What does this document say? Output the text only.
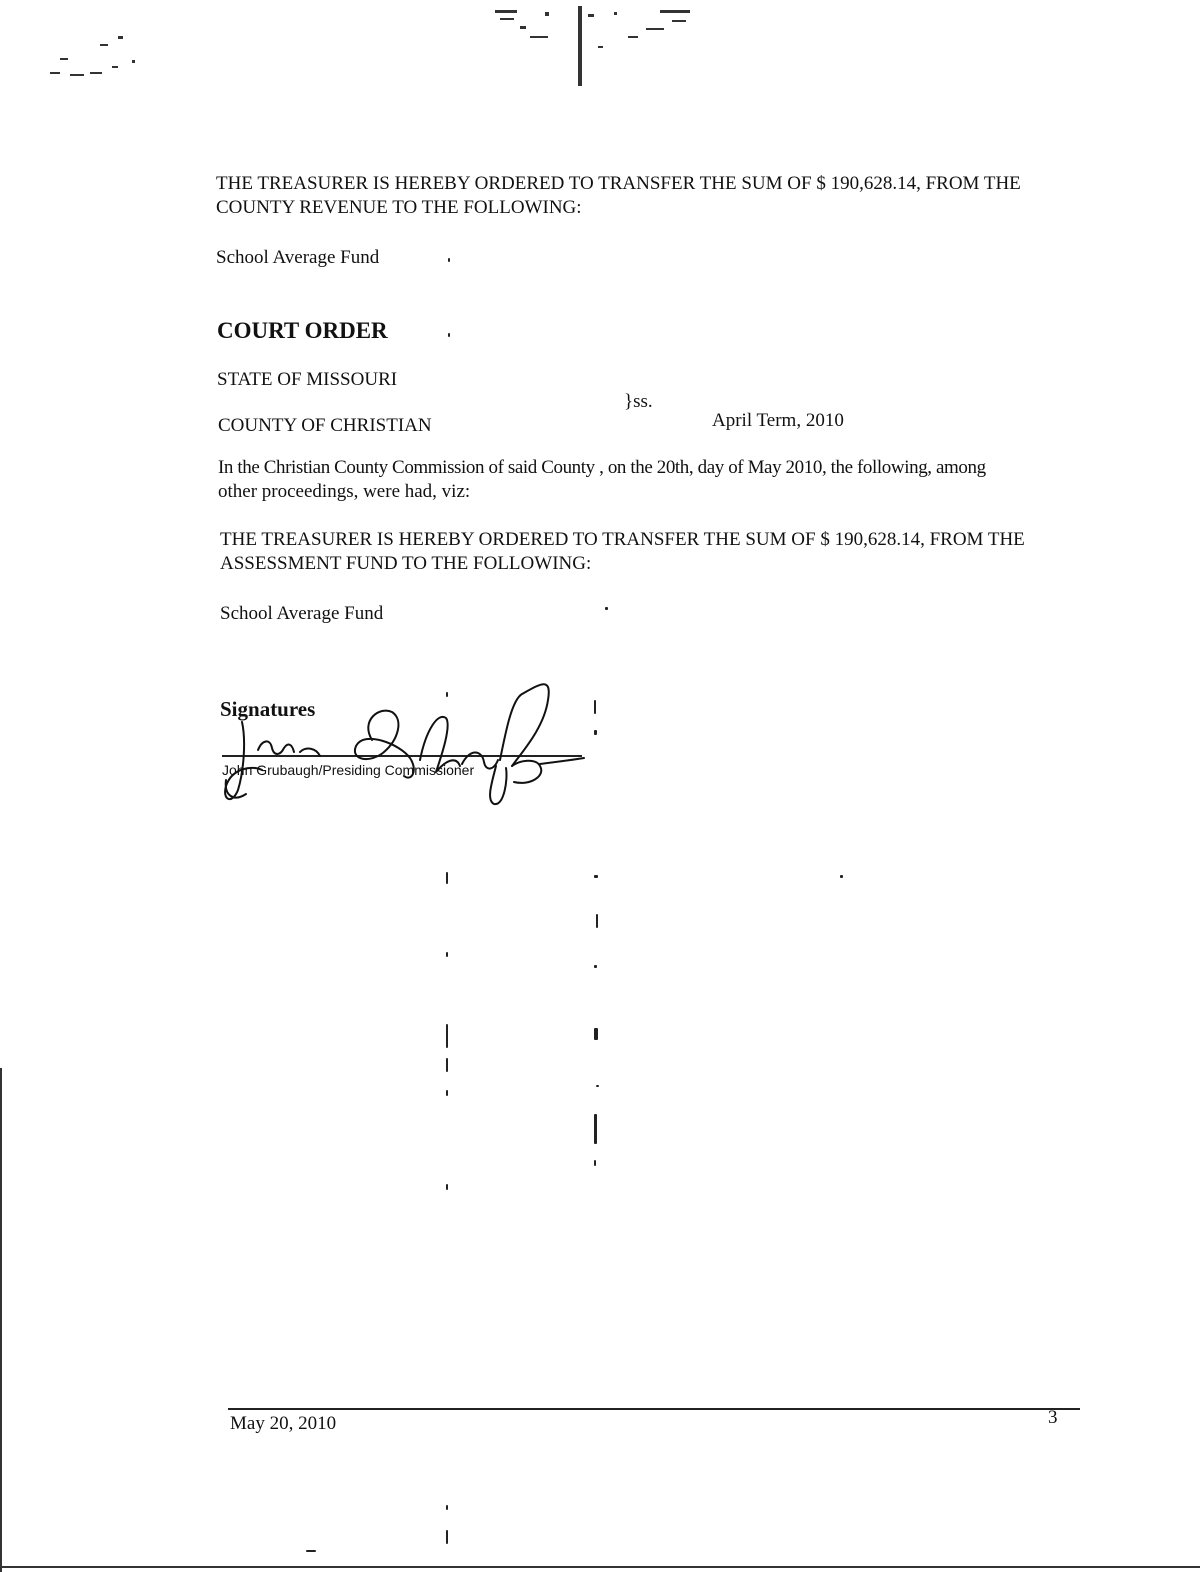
THE TREASURER IS HEREBY ORDERED TO TRANSFER THE SUM OF $ 190,628.14, FROM THE
COUNTY REVENUE TO THE FOLLOWING:
School Average Fund
COURT ORDER
STATE OF MISSOURI
}ss.
COUNTY OF CHRISTIAN	April Term, 2010
In the Christian County Commission of said County , on the 20th, day of May 2010, the following, among
other proceedings, were had, viz:
THE TREASURER IS HEREBY ORDERED TO TRANSFER THE SUM OF $ 190,628.14, FROM THE
ASSESSMENT FUND TO THE FOLLOWING:
School Average Fund
Signatures
John Grubaugh/Presiding Commissioner
May 20, 2010	3
